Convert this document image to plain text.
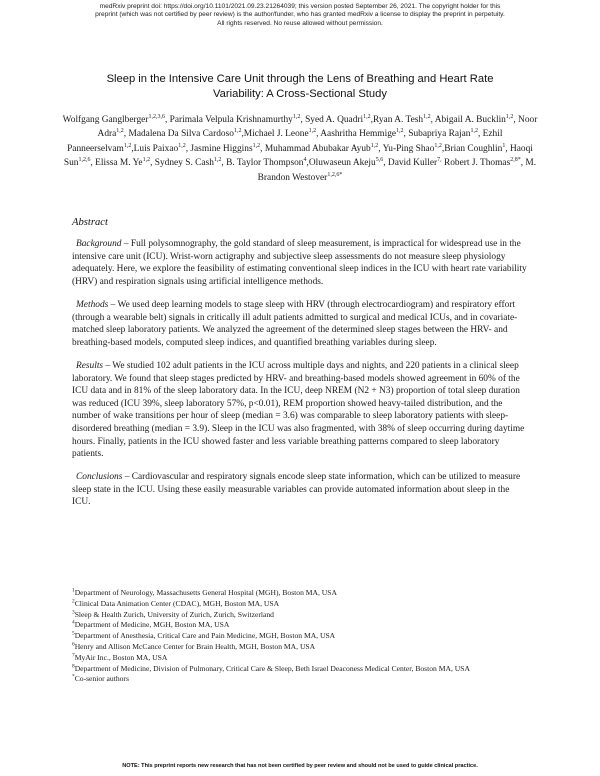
medRxiv preprint doi: https://doi.org/10.1101/2021.09.23.21264039; this version posted September 26, 2021. The copyright holder for this
preprint (which was not certified by peer review) is the author/funder, who has granted medRxiv a license to display the preprint in perpetuity.
All rights reserved. No reuse allowed without permission.
Sleep in the Intensive Care Unit through the Lens of Breathing and Heart Rate
Variability: A Cross-Sectional Study
Wolfgang Ganglberger$^{1,2,3,6}$, Parimala Velpula Krishnamurthy$^{1,2}$, Syed A. Quadri$^{1,2}$,Ryan A. Tesh$^{1,2}$, Abigail A. Bucklin$^{1,2}$, Noor Adra$^{1,2}$, Madalena Da Silva Cardoso$^{1,2}$,Michael J. Leone$^{1,2}$, Aashritha Hemmige$^{1,2}$, Subapriya Rajan$^{1,2}$, Ezhil Panneerselvam$^{1,2}$,Luis Paixao$^{1,2}$, Jasmine Higgins$^{1,2}$, Muhammad Abubakar Ayub$^{1,2}$, Yu-Ping Shao$^{1,2}$,Brian Coughlin$^1$, Haoqi Sun$^{1,2,6}$, Elissa M. Ye$^{1,2}$, Sydney S. Cash$^{1,2}$, B. Taylor Thompson$^4$,Oluwaseun Akeju$^{5,6}$, David Kuller$^{7,}$ Robert J. Thomas$^{2,8*}$, M. Brandon Westover$^{1,2,6*}$
Abstract

Background – Full polysomnography, the gold standard of sleep measurement, is impractical for widespread use in the intensive care unit (ICU). Wrist-worn actigraphy and subjective sleep assessments do not measure sleep physiology adequately. Here, we explore the feasibility of estimating conventional sleep indices in the ICU with heart rate variability (HRV) and respiration signals using artificial intelligence methods.

Methods – We used deep learning models to stage sleep with HRV (through electrocardiogram) and respiratory effort (through a wearable belt) signals in critically ill adult patients admitted to surgical and medical ICUs, and in covariate-matched sleep laboratory patients. We analyzed the agreement of the determined sleep stages between the HRV- and breathing-based models, computed sleep indices, and quantified breathing variables during sleep.

Results – We studied 102 adult patients in the ICU across multiple days and nights, and 220 patients in a clinical sleep laboratory. We found that sleep stages predicted by HRV- and breathing-based models showed agreement in 60% of the ICU data and in 81% of the sleep laboratory data. In the ICU, deep NREM (N2 + N3) proportion of total sleep duration was reduced (ICU 39%, sleep laboratory 57%, p<0.01), REM proportion showed heavy-tailed distribution, and the number of wake transitions per hour of sleep (median = 3.6) was comparable to sleep laboratory patients with sleep-disordered breathing (median = 3.9). Sleep in the ICU was also fragmented, with 38% of sleep occurring during daytime hours. Finally, patients in the ICU showed faster and less variable breathing patterns compared to sleep laboratory patients.

Conclusions – Cardiovascular and respiratory signals encode sleep state information, which can be utilized to measure sleep state in the ICU. Using these easily measurable variables can provide automated information about sleep in the ICU.

$^1$Department of Neurology, Massachusetts General Hospital (MGH), Boston MA, USA
$^2$Clinical Data Animation Center (CDAC), MGH, Boston MA, USA
$^3$Sleep & Health Zurich, University of Zurich, Zurich, Switzerland
$^4$Department of Medicine, MGH, Boston MA, USA
$^5$Department of Anesthesia, Critical Care and Pain Medicine, MGH, Boston MA, USA
$^6$Henry and Allison McCance Center for Brain Health, MGH, Boston MA, USA
$^7$MyAir Inc., Boston MA, USA
$^8$Department of Medicine, Division of Pulmonary, Critical Care & Sleep, Beth Israel Deaconess Medical Center, Boston MA, USA
*Co-senior authors
NOTE: This preprint reports new research that has not been certified by peer review and should not be used to guide clinical practice.
